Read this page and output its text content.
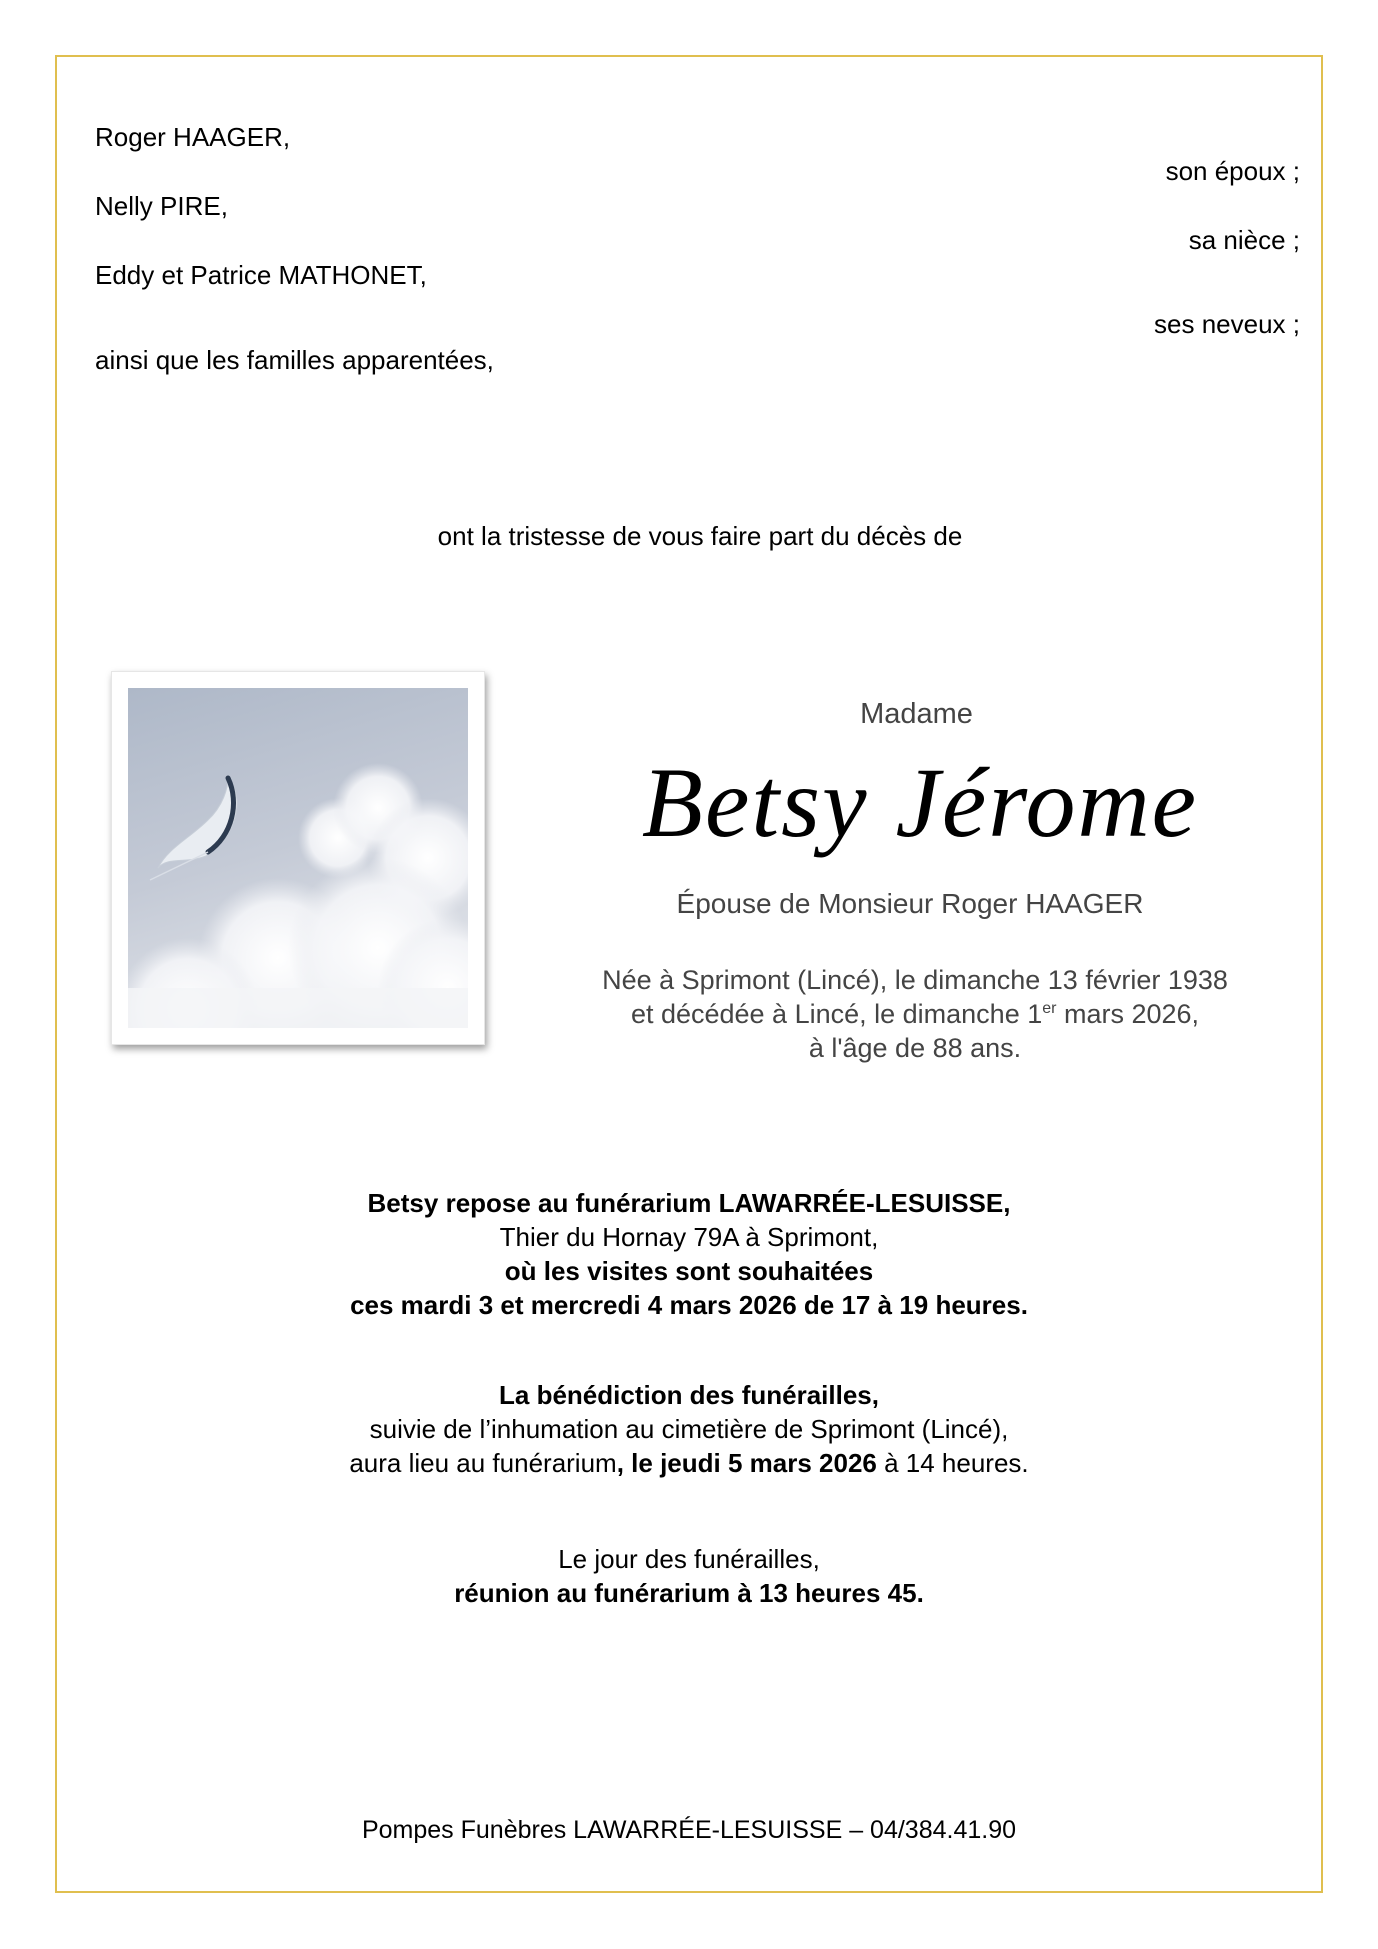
Roger HAAGER,
son époux ;
Nelly PIRE,
sa nièce ;
Eddy et Patrice MATHONET,
ses neveux ;
ainsi que les familles apparentées,
ont la tristesse de vous faire part du décès de
Madame
Betsy Jérome
Épouse de Monsieur Roger HAAGER
Née à Sprimont (Lincé), le dimanche 13 février 1938
et décédée à Lincé, le dimanche 1er mars 2026,
à l'âge de 88 ans.
Betsy repose au funérarium LAWARRÉE-LESUISSE,
Thier du Hornay 79A à Sprimont,
où les visites sont souhaitées
ces mardi 3 et mercredi 4 mars 2026 de 17 à 19 heures.
La bénédiction des funérailles,
suivie de l’inhumation au cimetière de Sprimont (Lincé),
aura lieu au funérarium, le jeudi 5 mars 2026 à 14 heures.
Le jour des funérailles,
réunion au funérarium à 13 heures 45.
Pompes Funèbres LAWARRÉE-LESUISSE – 04/384.41.90
